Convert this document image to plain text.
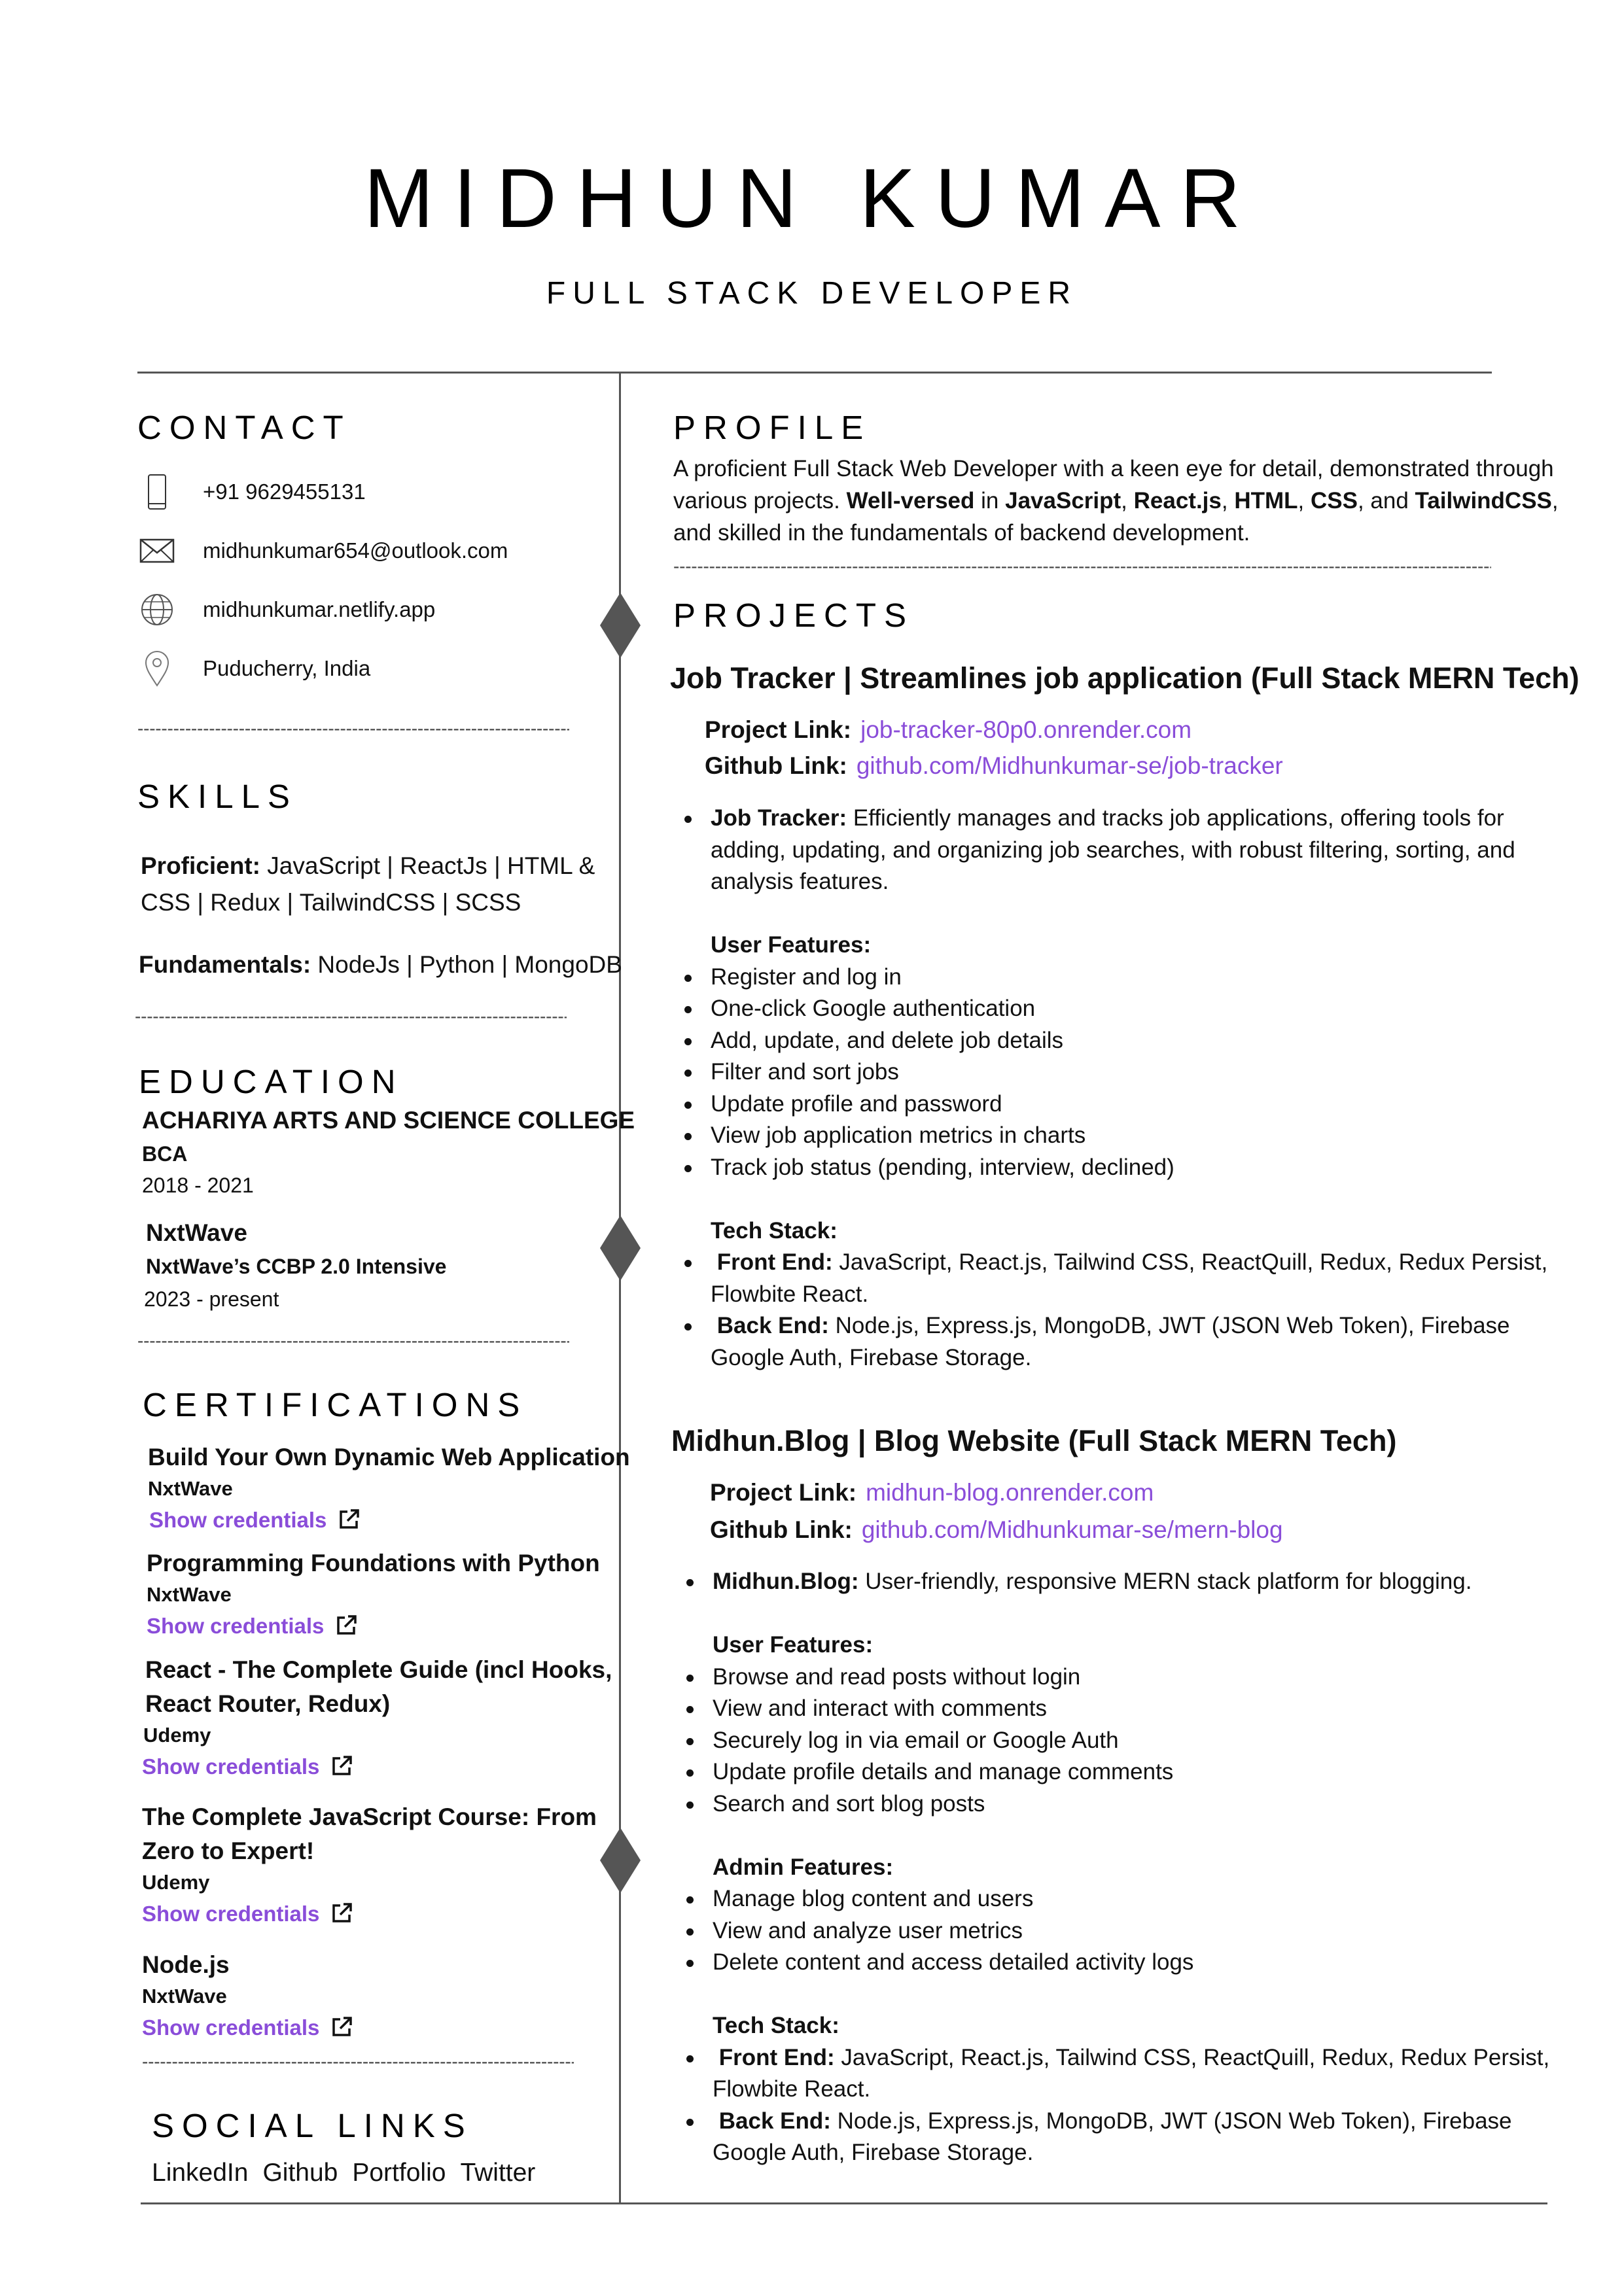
MIDHUN KUMAR
FULL STACK DEVELOPER
CONTACT
+91 9629455131
midhunkumar654@outlook.com
midhunkumar.netlify.app
Puducherry, India
- - -
SKILLS
Proficient: JavaScript | ReactJs | HTML &
CSS | Redux | TailwindCSS | SCSS
Fundamentals: NodeJs | Python | MongoDB
- - -
EDUCATION
ACHARIYA ARTS AND SCIENCE COLLEGE
BCA
2018 - 2021
NxtWave
NxtWave’s CCBP 2.0 Intensive
2023 - present
- - -
CERTIFICATIONS
Build Your Own Dynamic Web Application
NxtWave
Show credentials
Programming Foundations with Python
NxtWave
Show credentials
React - The Complete Guide (incl Hooks, React Router, Redux)
Udemy
Show credentials
The Complete JavaScript Course: From Zero to Expert!
Udemy
Show credentials
Node.js
NxtWave
Show credentials
- - -
SOCIAL LINKS
LinkedIn Github Portfolio Twitter
PROFILE
A proficient Full Stack Web Developer with a keen eye for detail, demonstrated through various projects. Well-versed in JavaScript, React.js, HTML, CSS, and TailwindCSS, and skilled in the fundamentals of backend development.
- - -
PROJECTS
Job Tracker | Streamlines job application (Full Stack MERN Tech)
Project Link: job-tracker-80p0.onrender.com
Github Link: github.com/Midhunkumar-se/job-tracker
Job Tracker: Efficiently manages and tracks job applications, offering tools for adding, updating, and organizing job searches, with robust filtering, sorting, and analysis features.
User Features:
Register and log in
One-click Google authentication
Add, update, and delete job details
Filter and sort jobs
Update profile and password
View job application metrics in charts
Track job status (pending, interview, declined)
Tech Stack:
Front End: JavaScript, React.js, Tailwind CSS, ReactQuill, Redux, Redux Persist, Flowbite React.
Back End: Node.js, Express.js, MongoDB, JWT (JSON Web Token), Firebase Google Auth, Firebase Storage.
Midhun.Blog | Blog Website (Full Stack MERN Tech)
Project Link: midhun-blog.onrender.com
Github Link: github.com/Midhunkumar-se/mern-blog
Midhun.Blog: User-friendly, responsive MERN stack platform for blogging.
User Features:
Browse and read posts without login
View and interact with comments
Securely log in via email or Google Auth
Update profile details and manage comments
Search and sort blog posts
Admin Features:
Manage blog content and users
View and analyze user metrics
Delete content and access detailed activity logs
Tech Stack:
Front End: JavaScript, React.js, Tailwind CSS, ReactQuill, Redux, Redux Persist, Flowbite React.
Back End: Node.js, Express.js, MongoDB, JWT (JSON Web Token), Firebase Google Auth, Firebase Storage.
